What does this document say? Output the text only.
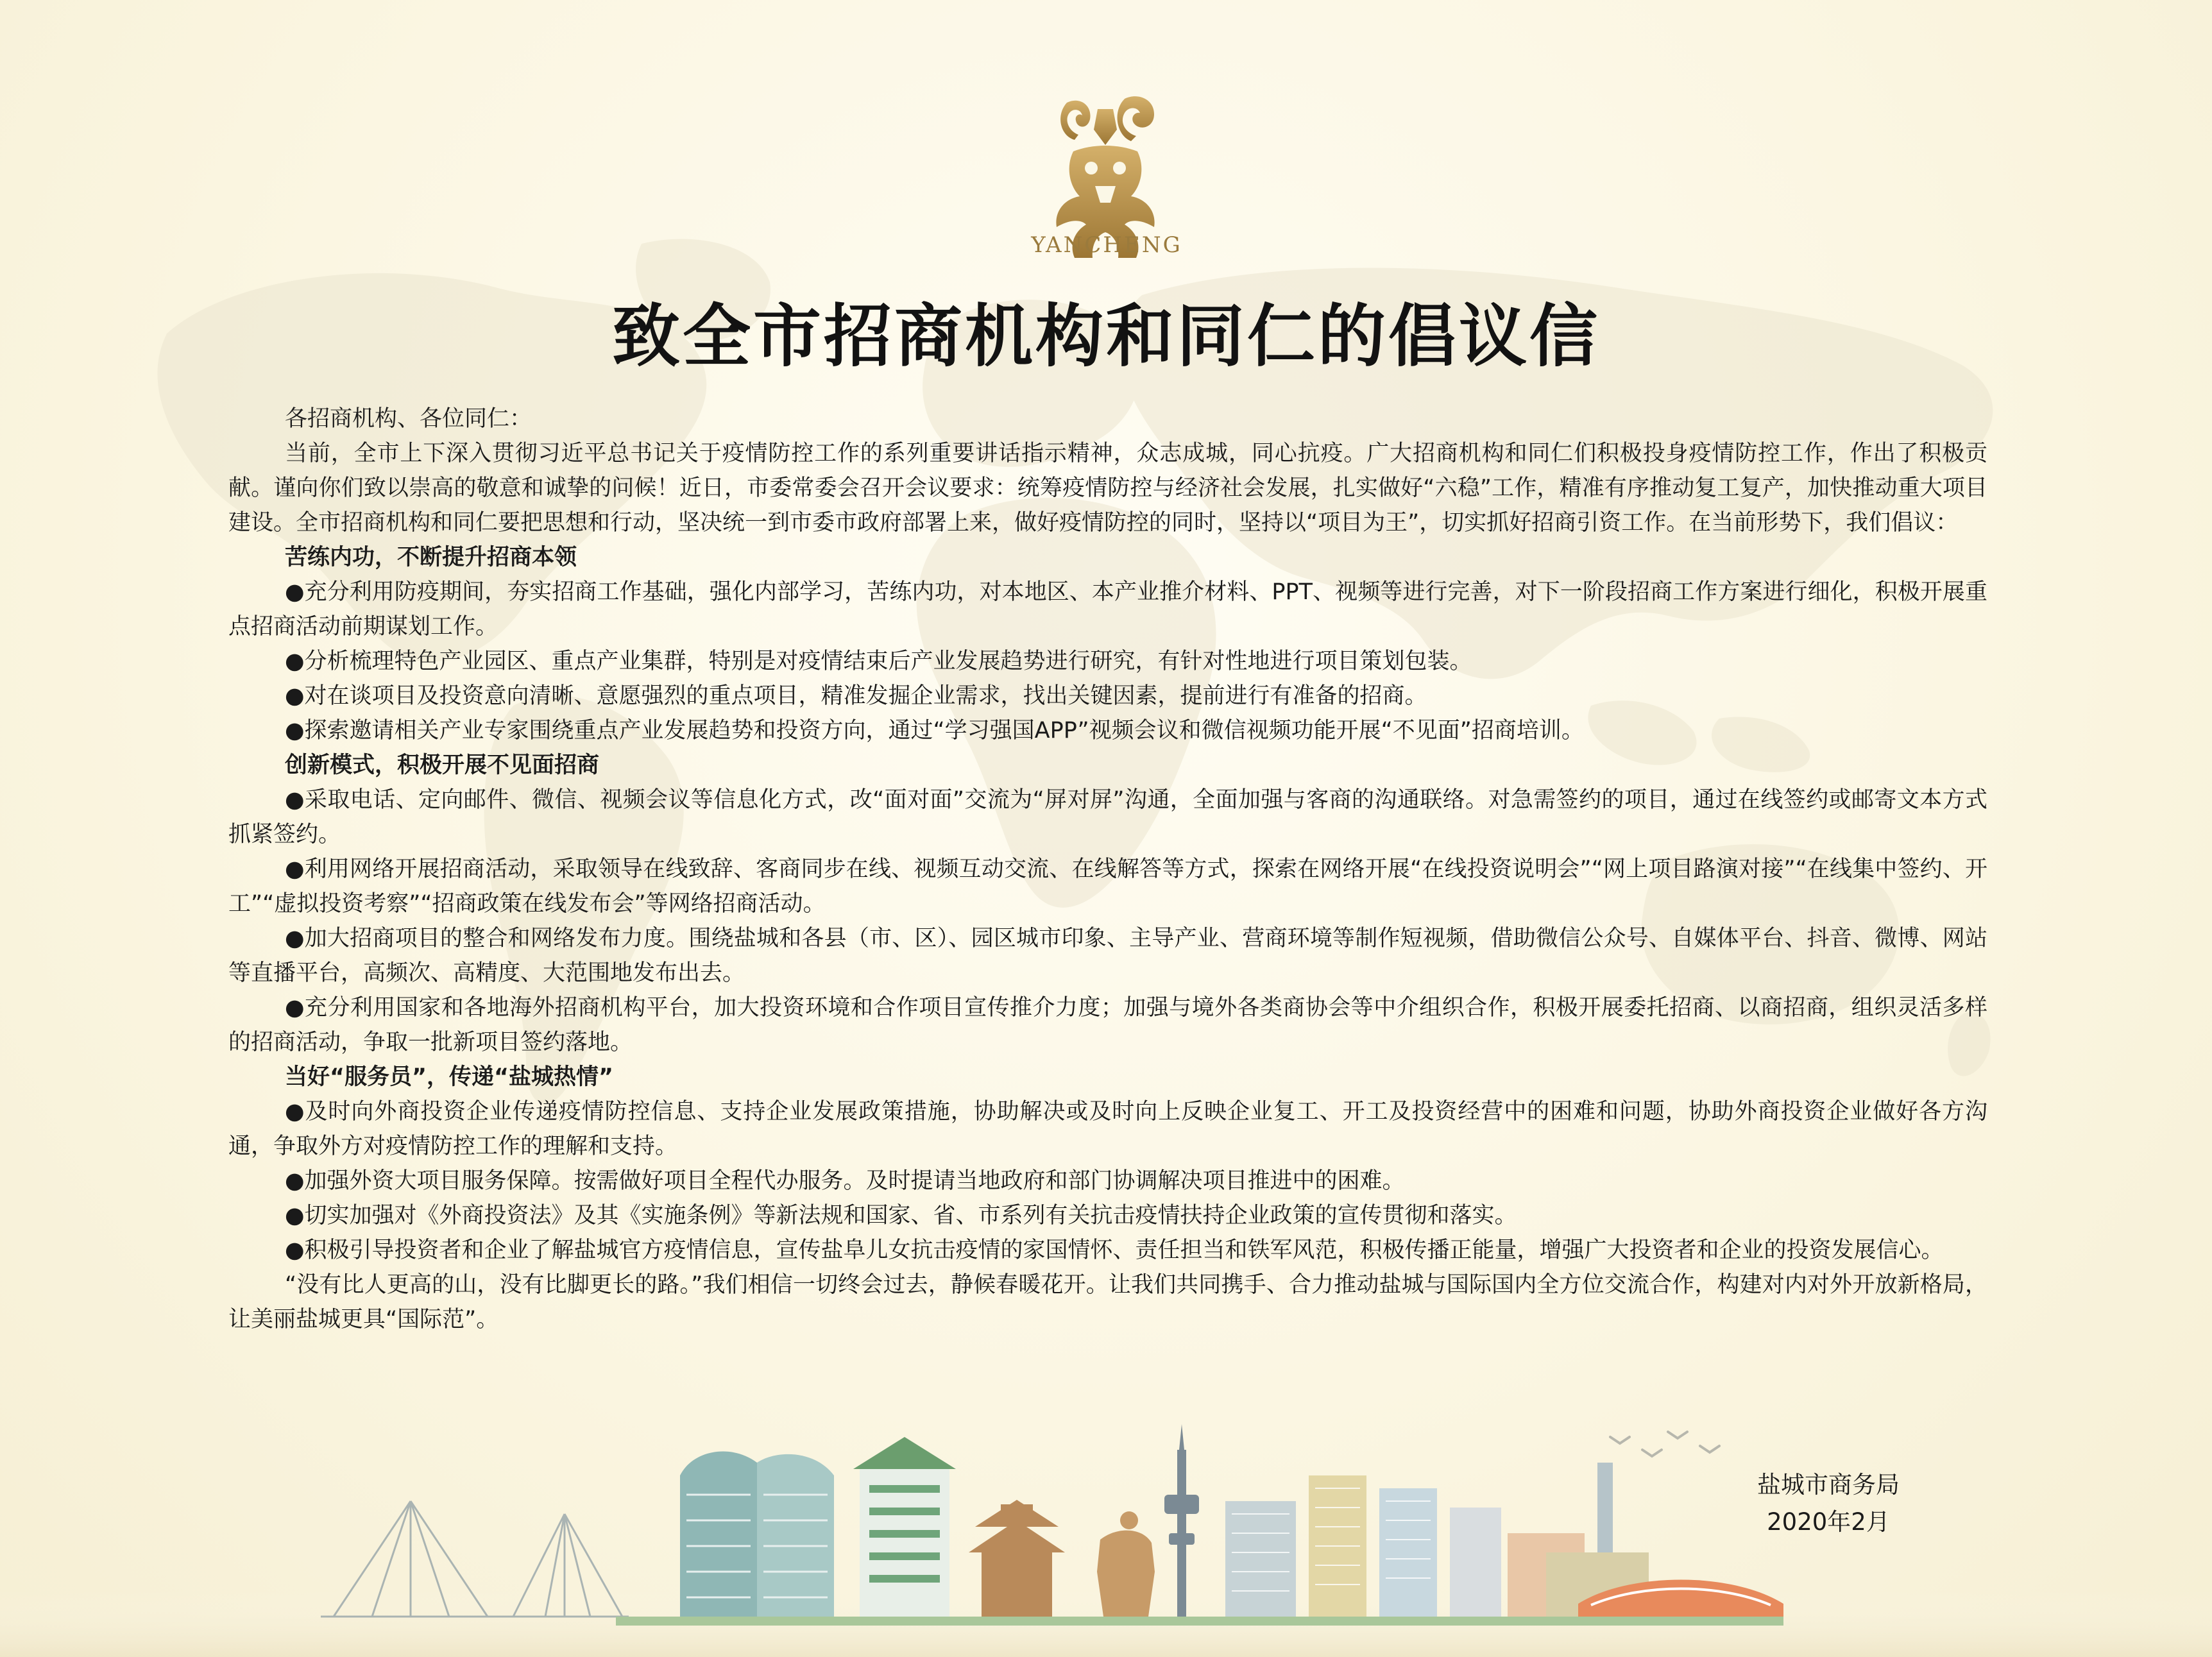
YANCHENG
致全市招商机构和同仁的倡议信

各招商机构、各位同仁：

当前，全市上下深入贯彻习近平总书记关于疫情防控工作的系列重要讲话指示精神，众志成城，同心抗疫。广大招商机构和同仁们积极投身疫情防控工作，作出了积极贡献。谨向你们致以崇高的敬意和诚挚的问候！近日，市委常委会召开会议要求：统筹疫情防控与经济社会发展，扎实做好“六稳”工作，精准有序推动复工复产，加快推动重大项目建设。全市招商机构和同仁要把思想和行动，坚决统一到市委市政府部署上来，做好疫情防控的同时，坚持以“项目为王”，切实抓好招商引资工作。在当前形势下，我们倡议：

苦练内功，不断提升招商本领

●充分利用防疫期间，夯实招商工作基础，强化内部学习，苦练内功，对本地区、本产业推介材料、PPT、视频等进行完善，对下一阶段招商工作方案进行细化，积极开展重点招商活动前期谋划工作。

●分析梳理特色产业园区、重点产业集群，特别是对疫情结束后产业发展趋势进行研究，有针对性地进行项目策划包装。

●对在谈项目及投资意向清晰、意愿强烈的重点项目，精准发掘企业需求，找出关键因素，提前进行有准备的招商。

●探索邀请相关产业专家围绕重点产业发展趋势和投资方向，通过“学习强国APP”视频会议和微信视频功能开展“不见面”招商培训。

创新模式，积极开展不见面招商

●采取电话、定向邮件、微信、视频会议等信息化方式，改“面对面”交流为“屏对屏”沟通，全面加强与客商的沟通联络。对急需签约的项目，通过在线签约或邮寄文本方式抓紧签约。

●利用网络开展招商活动，采取领导在线致辞、客商同步在线、视频互动交流、在线解答等方式，探索在网络开展“在线投资说明会”“网上项目路演对接”“在线集中签约、开工”“虚拟投资考察”“招商政策在线发布会”等网络招商活动。

●加大招商项目的整合和网络发布力度。围绕盐城和各县（市、区）、园区城市印象、主导产业、营商环境等制作短视频，借助微信公众号、自媒体平台、抖音、微博、网站等直播平台，高频次、高精度、大范围地发布出去。

●充分利用国家和各地海外招商机构平台，加大投资环境和合作项目宣传推介力度；加强与境外各类商协会等中介组织合作，积极开展委托招商、以商招商，组织灵活多样的招商活动，争取一批新项目签约落地。

当好“服务员”，传递“盐城热情”

●及时向外商投资企业传递疫情防控信息、支持企业发展政策措施，协助解决或及时向上反映企业复工、开工及投资经营中的困难和问题，协助外商投资企业做好各方沟通，争取外方对疫情防控工作的理解和支持。

●加强外资大项目服务保障。按需做好项目全程代办服务。及时提请当地政府和部门协调解决项目推进中的困难。

●切实加强对《外商投资法》及其《实施条例》等新法规和国家、省、市系列有关抗击疫情扶持企业政策的宣传贯彻和落实。

●积极引导投资者和企业了解盐城官方疫情信息，宣传盐阜儿女抗击疫情的家国情怀、责任担当和铁军风范，积极传播正能量，增强广大投资者和企业的投资发展信心。

“没有比人更高的山，没有比脚更长的路。”我们相信一切终会过去，静候春暖花开。让我们共同携手、合力推动盐城与国际国内全方位交流合作，构建对内对外开放新格局，让美丽盐城更具“国际范”。

盐城市商务局
2020年2月
